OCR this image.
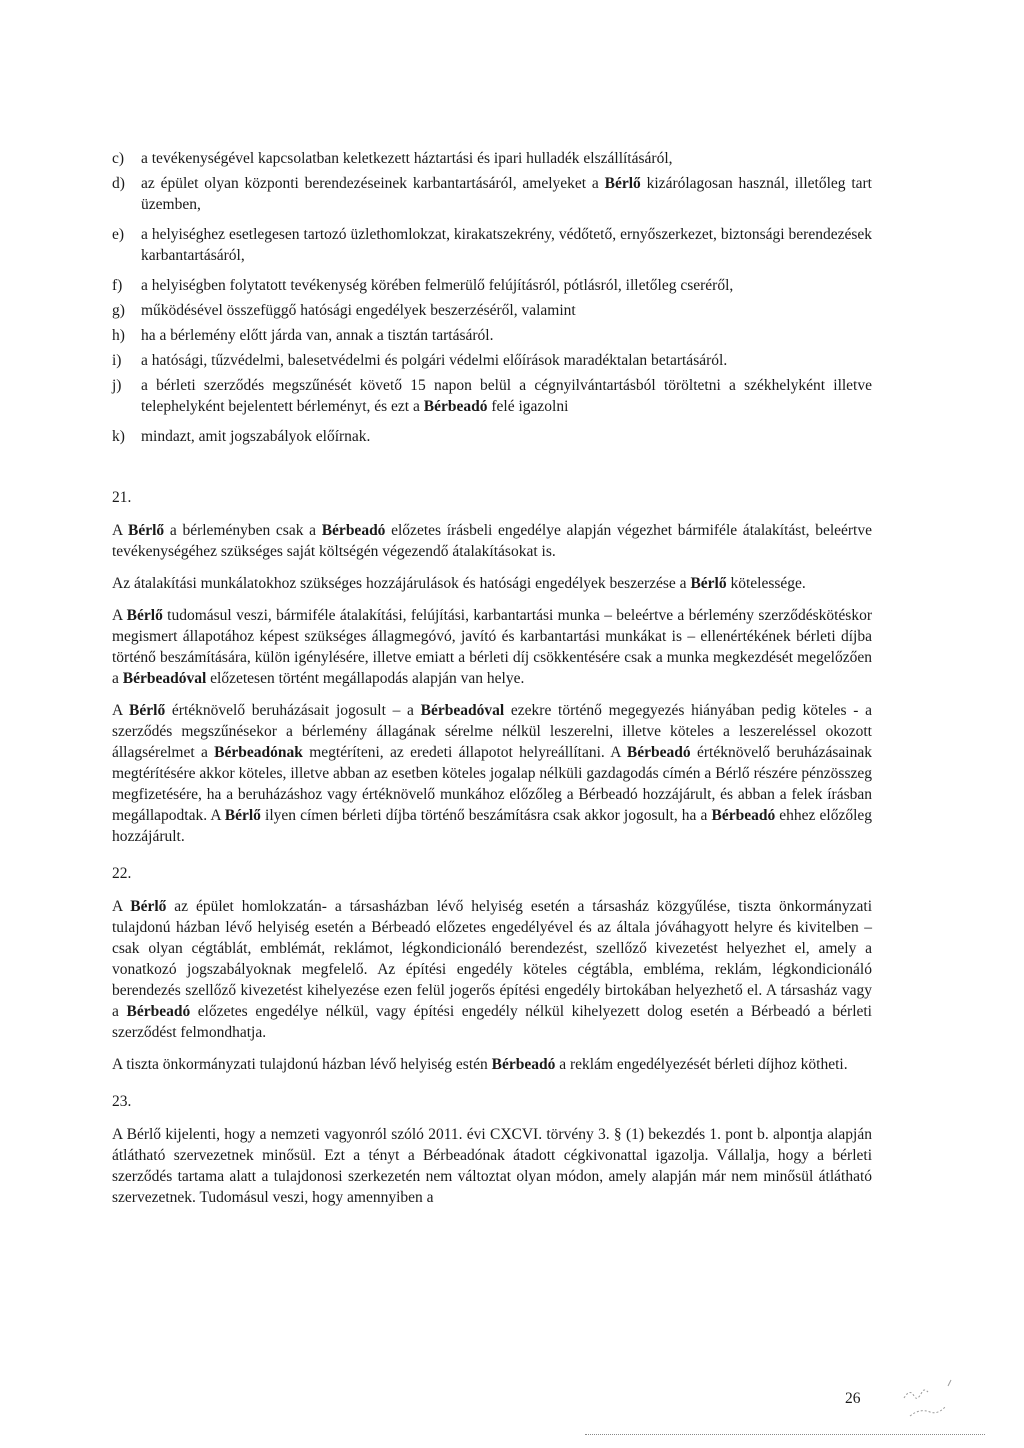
c)	a tevékenységével kapcsolatban keletkezett háztartási és ipari hulladék elszállításáról,
d)	az épület olyan központi berendezéseinek karbantartásáról, amelyeket a Bérlő kizárólagosan használ, illetőleg tart üzemben,
e)	a helyiséghez esetlegesen tartozó üzlethomlokzat, kirakatszekrény, védőtető, ernyőszerkezet, biztonsági berendezések karbantartásáról,
f)	a helyiségben folytatott tevékenység körében felmerülő felújításról, pótlásról, illetőleg cseréről,
g)	működésével összefüggő hatósági engedélyek beszerzéséről, valamint
h)	ha a bérlemény előtt járda van, annak a tisztán tartásáról.
i)	a hatósági, tűzvédelmi, balesetvédelmi és polgári védelmi előírások maradéktalan betartásáról.
j)	a bérleti szerződés megszűnését követő 15 napon belül a cégnyilvántartásból töröltetni a székhelyként illetve telephelyként bejelentett bérleményt, és ezt a Bérbeadó felé igazolni
k)	mindazt, amit jogszabályok előírnak.
21.

A Bérlő a bérleményben csak a Bérbeadó előzetes írásbeli engedélye alapján végezhet bármiféle átalakítást, beleértve tevékenységéhez szükséges saját költségén végezendő átalakításokat is.

Az átalakítási munkálatokhoz szükséges hozzájárulások és hatósági engedélyek beszerzése a Bérlő kötelessége.

A Bérlő tudomásul veszi, bármiféle átalakítási, felújítási, karbantartási munka – beleértve a bérlemény szerződéskötéskor megismert állapotához képest szükséges állagmegóvó, javító és karbantartási munkákat is – ellenértékének bérleti díjba történő beszámítására, külön igénylésére, illetve emiatt a bérleti díj csökkentésére csak a munka megkezdését megelőzően a Bérbeadóval előzetesen történt megállapodás alapján van helye.

A Bérlő értéknövelő beruházásait jogosult – a Bérbeadóval ezekre történő megegyezés hiányában pedig köteles - a szerződés megszűnésekor a bérlemény állagának sérelme nélkül leszerelni, illetve köteles a leszereléssel okozott állagsérelmet a Bérbeadónak megtéríteni, az eredeti állapotot helyreállítani. A Bérbeadó értéknövelő beruházásainak megtérítésére akkor köteles, illetve abban az esetben köteles jogalap nélküli gazdagodás címén a Bérlő részére pénzösszeg megfizetésére, ha a beruházáshoz vagy értéknövelő munkához előzőleg a Bérbeadó hozzájárult, és abban a felek írásban megállapodtak. A Bérlő ilyen címen bérleti díjba történő beszámításra csak akkor jogosult, ha a Bérbeadó ehhez előzőleg hozzájárult.

22.

A Bérlő az épület homlokzatán- a társasházban lévő helyiség esetén a társasház közgyűlése, tiszta önkormányzati tulajdonú házban lévő helyiség esetén a Bérbeadó előzetes engedélyével és az általa jóváhagyott helyre és kivitelben – csak olyan cégtáblát, emblémát, reklámot, légkondicionáló berendezést, szellőző kivezetést helyezhet el, amely a vonatkozó jogszabályoknak megfelelő. Az építési engedély köteles cégtábla, embléma, reklám, légkondicionáló berendezés szellőző kivezetést kihelyezése ezen felül jogerős építési engedély birtokában helyezhető el. A társasház vagy a Bérbeadó előzetes engedélye nélkül, vagy építési engedély nélkül kihelyezett dolog esetén a Bérbeadó a bérleti szerződést felmondhatja.

A tiszta önkormányzati tulajdonú házban lévő helyiség estén Bérbeadó a reklám engedélyezését bérleti díjhoz kötheti.

23.

A Bérlő kijelenti, hogy a nemzeti vagyonról szóló 2011. évi CXCVI. törvény 3. § (1) bekezdés 1. pont b. alpontja alapján átlátható szervezetnek minősül. Ezt a tényt a Bérbeadónak átadott cégkivonattal igazolja. Vállalja, hogy a bérleti szerződés tartama alatt a tulajdonosi szerkezetén nem változtat olyan módon, amely alapján már nem minősül átlátható szervezetnek. Tudomásul veszi, hogy amennyiben a

26
